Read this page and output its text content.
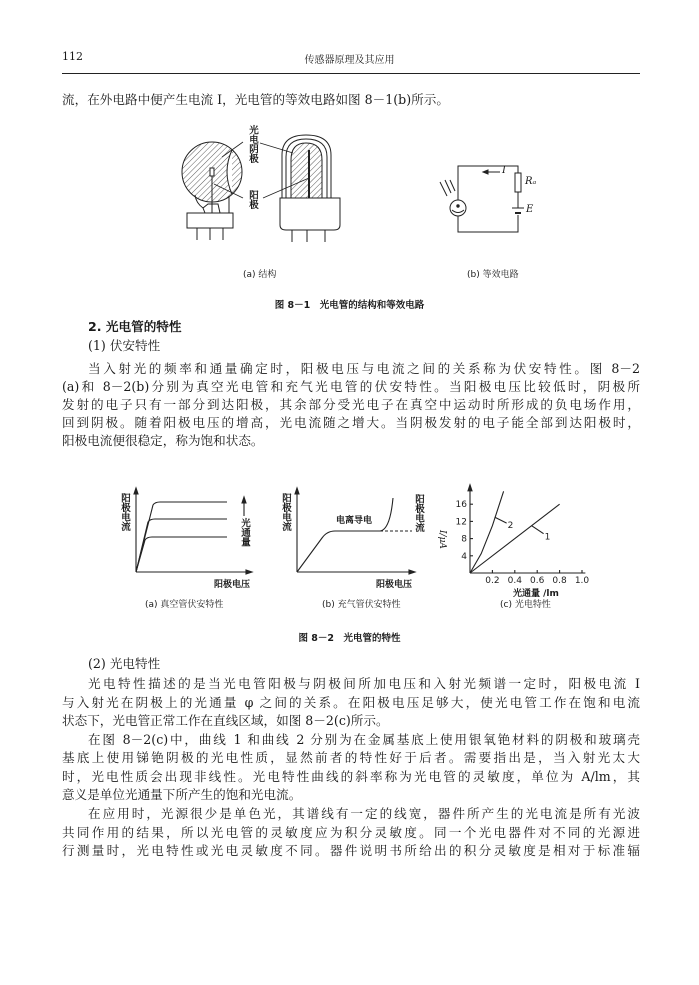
112	传感器原理及其应用
流，在外电路中便产生电流 I，光电管的等效电路如图 8－1(b)所示。
光电阴极
阳极
I
Rₐ
E
(a) 结构	(b) 等效电路
图 8－1　光电管的结构和等效电路
2. 光电管的特性
(1) 伏安特性
当入射光的频率和通量确定时，阳极电压与电流之间的关系称为伏安特性。图 8－2
(a)和 8－2(b)分别为真空光电管和充气光电管的伏安特性。当阳极电压比较低时，阴极所
发射的电子只有一部分到达阳极，其余部分受光电子在真空中运动时所形成的负电场作用，
回到阴极。随着阳极电压的增高，光电流随之增大。当阴极发射的电子能全部到达阳极时，
阳极电流便很稳定，称为饱和状态。
0.2 0.4 0.6 0.8 1.0
4
8
12
16
1
2
阳极电流
光通量
阳极电压
(a) 真空管伏安特性
阳极电流	电离导电	阳极电流
阳极电压
(b) 充气管伏安特性
I/μA
光通量 /lm
(c) 光电特性
图 8－2　光电管的特性
(2) 光电特性
光电特性描述的是当光电管阳极与阴极间所加电压和入射光频谱一定时，阳极电流 I
与入射光在阴极上的光通量 φ 之间的关系。在阳极电压足够大，使光电管工作在饱和电流
状态下，光电管正常工作在直线区域，如图 8－2(c)所示。
在图 8－2(c)中，曲线 1 和曲线 2 分别为在金属基底上使用银氧铯材料的阴极和玻璃壳
基底上使用锑铯阴极的光电性质，显然前者的特性好于后者。需要指出是，当入射光太大
时，光电性质会出现非线性。光电特性曲线的斜率称为光电管的灵敏度，单位为 A/lm，其
意义是单位光通量下所产生的饱和光电流。
在应用时，光源很少是单色光，其谱线有一定的线宽，器件所产生的光电流是所有光波
共同作用的结果，所以光电管的灵敏度应为积分灵敏度。同一个光电器件对不同的光源进
行测量时，光电特性或光电灵敏度不同。器件说明书所给出的积分灵敏度是相对于标准辐
